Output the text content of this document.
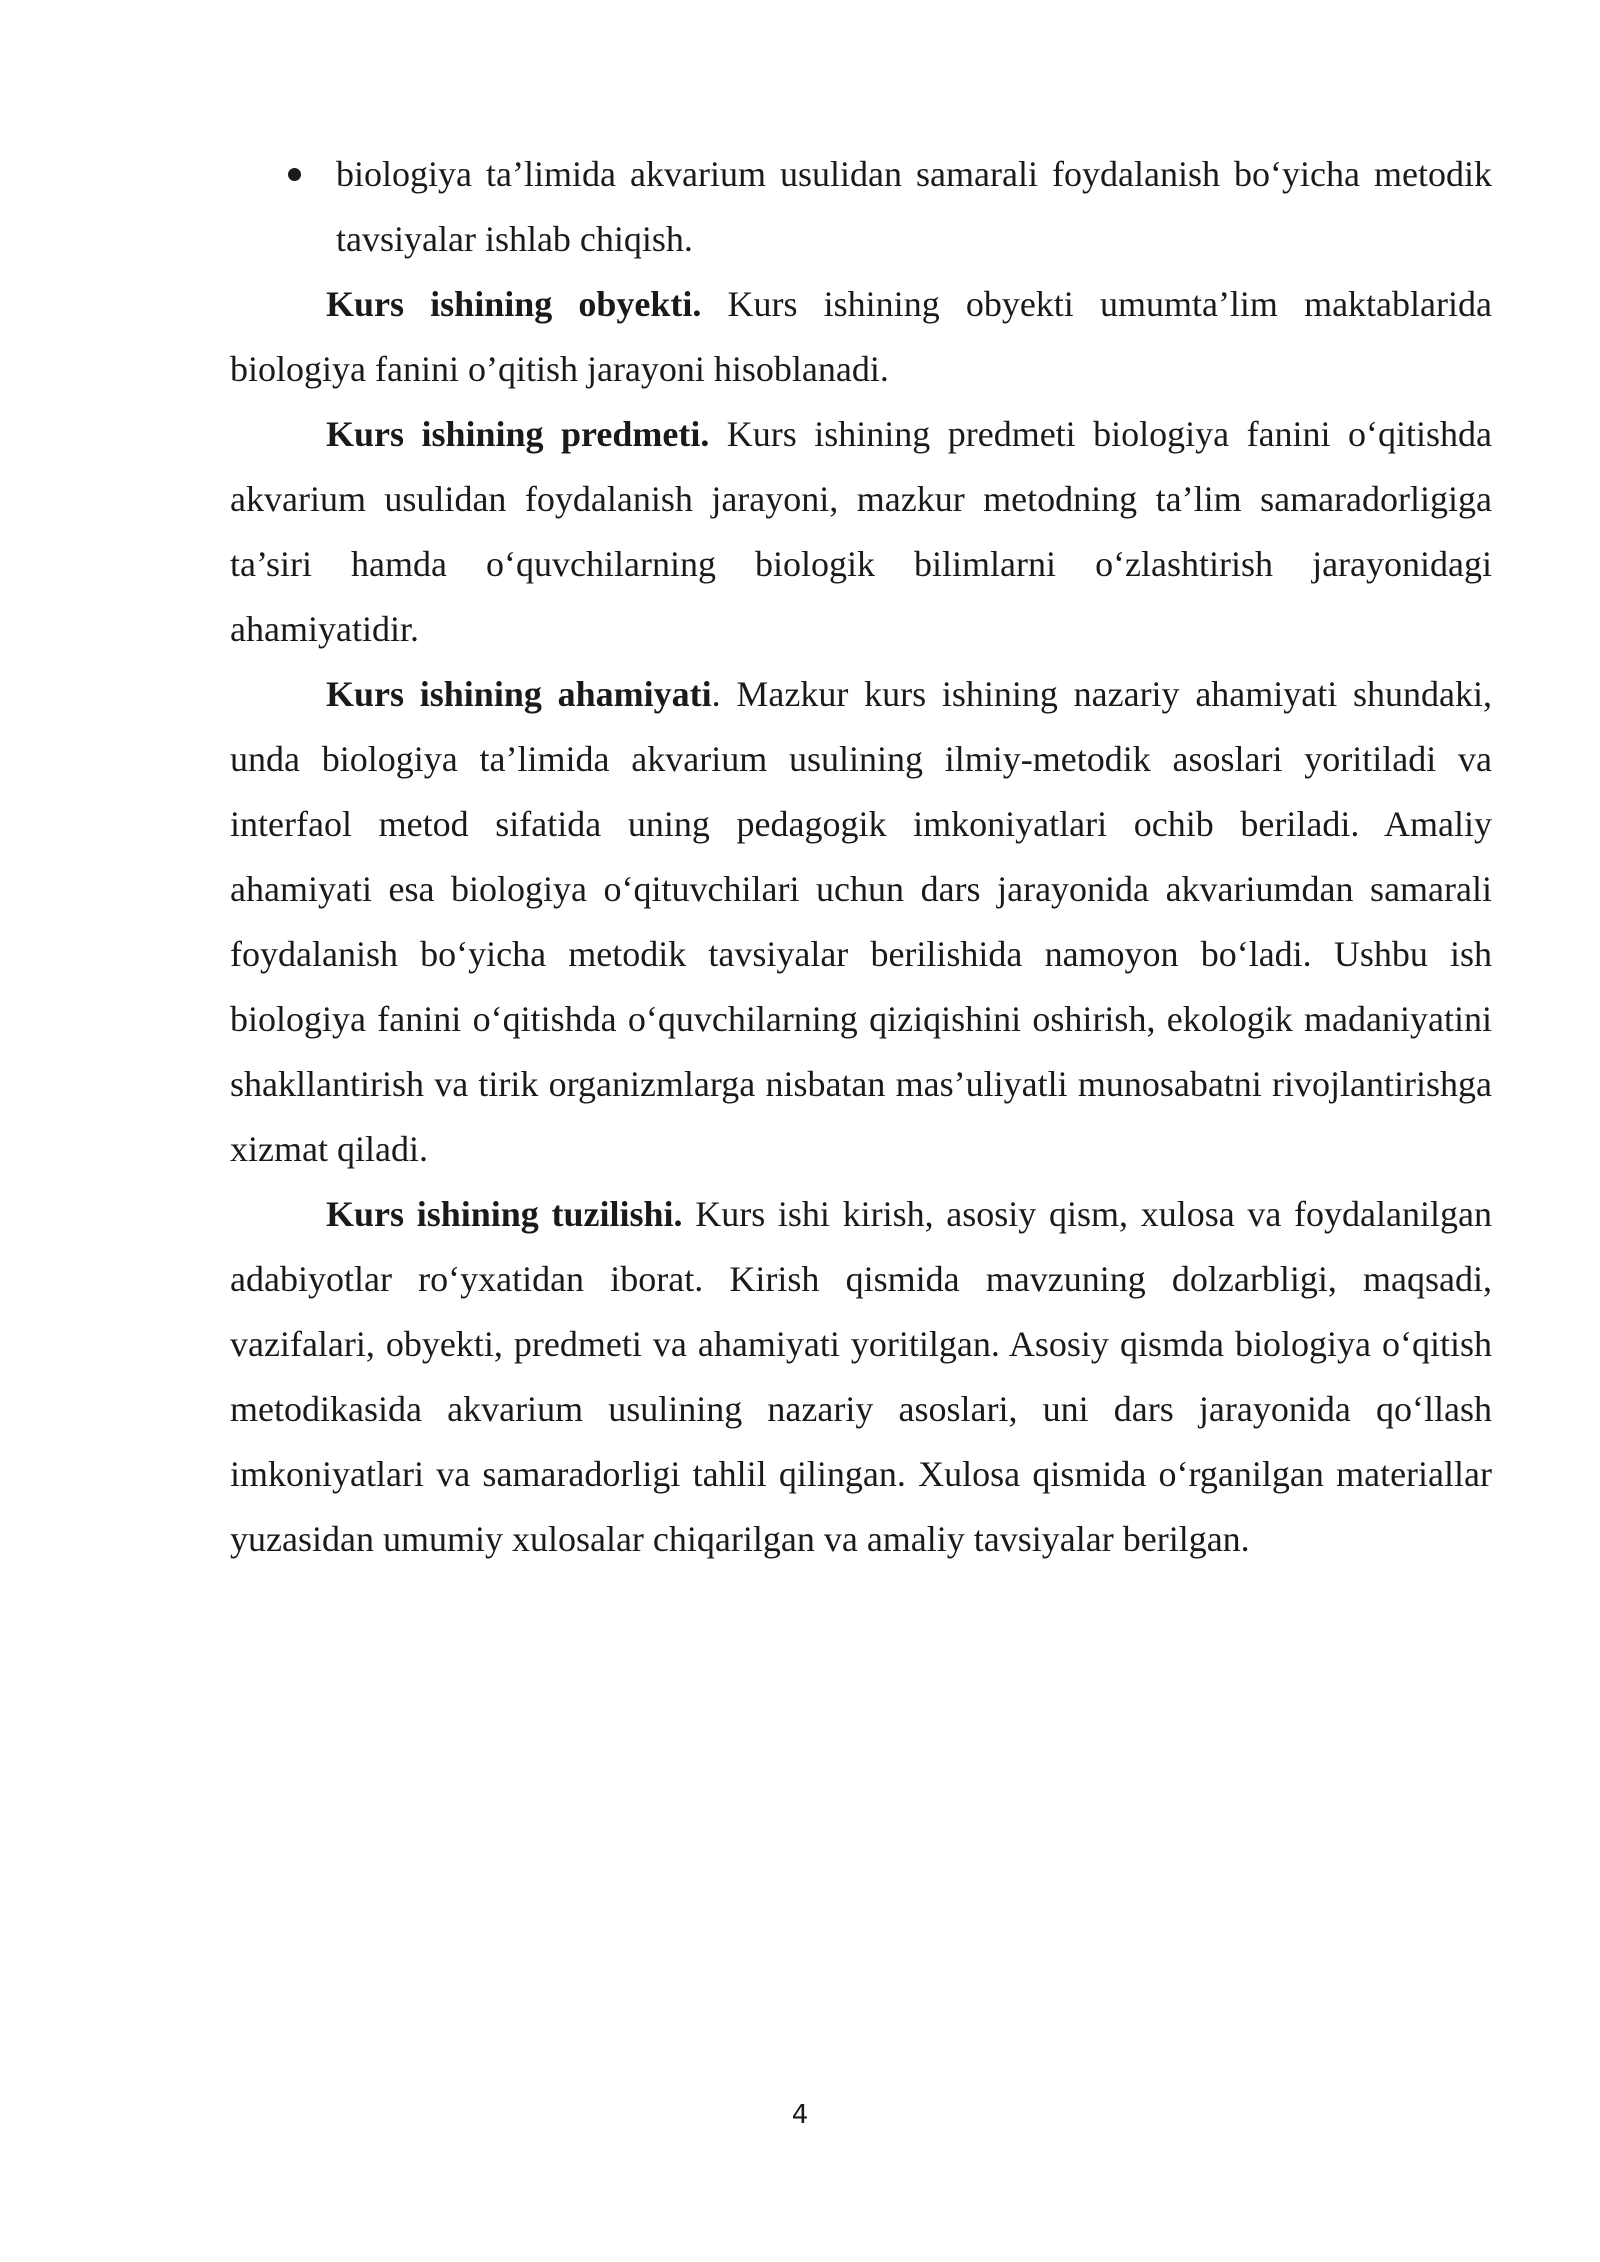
biologiya ta’limida akvarium usulidan samarali foydalanish bo‘yicha metodik tavsiyalar ishlab chiqish.

Kurs ishining obyekti. Kurs ishining obyekti umumta’lim maktablarida biologiya fanini o’qitish jarayoni hisoblanadi.

Kurs ishining predmeti. Kurs ishining predmeti biologiya fanini o‘qitishda akvarium usulidan foydalanish jarayoni, mazkur metodning ta’lim samaradorligiga ta’siri hamda o‘quvchilarning biologik bilimlarni o‘zlashtirish jarayonidagi ahamiyatidir.

Kurs ishining ahamiyati. Mazkur kurs ishining nazariy ahamiyati shundaki, unda biologiya ta’limida akvarium usulining ilmiy-metodik asoslari yoritiladi va interfaol metod sifatida uning pedagogik imkoniyatlari ochib beriladi. Amaliy ahamiyati esa biologiya o‘qituvchilari uchun dars jarayonida akvariumdan samarali foydalanish bo‘yicha metodik tavsiyalar berilishida namoyon bo‘ladi. Ushbu ish biologiya fanini o‘qitishda o‘quvchilarning qiziqishini oshirish, ekologik madaniyatini shakllantirish va tirik organizmlarga nisbatan mas’uliyatli munosabatni rivojlantirishga xizmat qiladi.

Kurs ishining tuzilishi. Kurs ishi kirish, asosiy qism, xulosa va foydalanilgan adabiyotlar ro‘yxatidan iborat. Kirish qismida mavzuning dolzarbligi, maqsadi, vazifalari, obyekti, predmeti va ahamiyati yoritilgan. Asosiy qismda biologiya o‘qitish metodikasida akvarium usulining nazariy asoslari, uni dars jarayonida qo‘llash imkoniyatlari va samaradorligi tahlil qilingan. Xulosa qismida o‘rganilgan materiallar yuzasidan umumiy xulosalar chiqarilgan va amaliy tavsiyalar berilgan.

4
